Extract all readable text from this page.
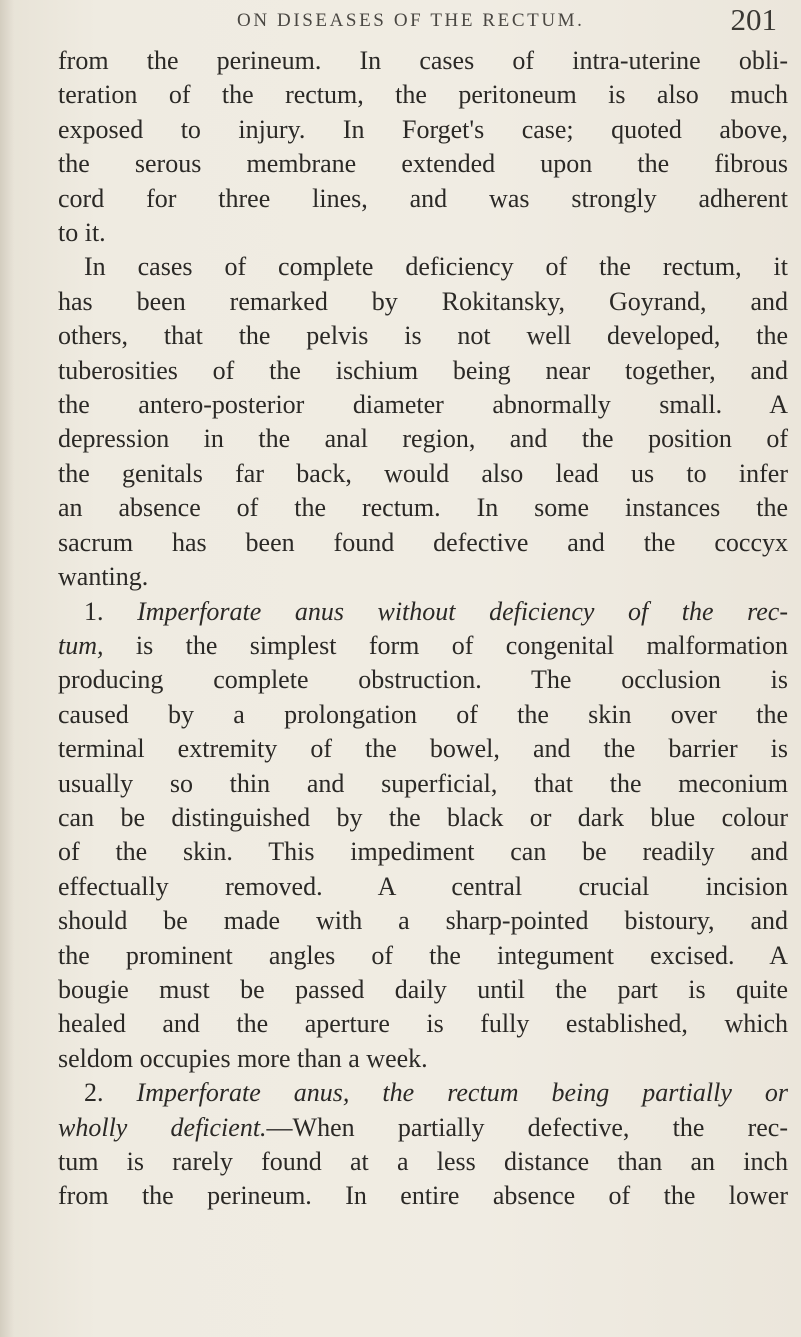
ON DISEASES OF THE RECTUM.	201

from the perineum. In cases of intra-uterine obli-
teration of the rectum, the peritoneum is also much
exposed to injury. In Forget's case; quoted above,
the serous membrane extended upon the fibrous
cord for three lines, and was strongly adherent
to it.

In cases of complete deficiency of the rectum, it
has been remarked by Rokitansky, Goyrand, and
others, that the pelvis is not well developed, the
tuberosities of the ischium being near together, and
the antero-posterior diameter abnormally small. A
depression in the anal region, and the position of
the genitals far back, would also lead us to infer
an absence of the rectum. In some instances the
sacrum has been found defective and the coccyx
wanting.

1. Imperforate anus without deficiency of the rec-
tum, is the simplest form of congenital malformation
producing complete obstruction. The occlusion is
caused by a prolongation of the skin over the
terminal extremity of the bowel, and the barrier is
usually so thin and superficial, that the meconium
can be distinguished by the black or dark blue colour
of the skin. This impediment can be readily and
effectually removed. A central crucial incision
should be made with a sharp-pointed bistoury, and
the prominent angles of the integument excised. A
bougie must be passed daily until the part is quite
healed and the aperture is fully established, which
seldom occupies more than a week.

2. Imperforate anus, the rectum being partially or
wholly deficient.—When partially defective, the rec-
tum is rarely found at a less distance than an inch
from the perineum. In entire absence of the lower
